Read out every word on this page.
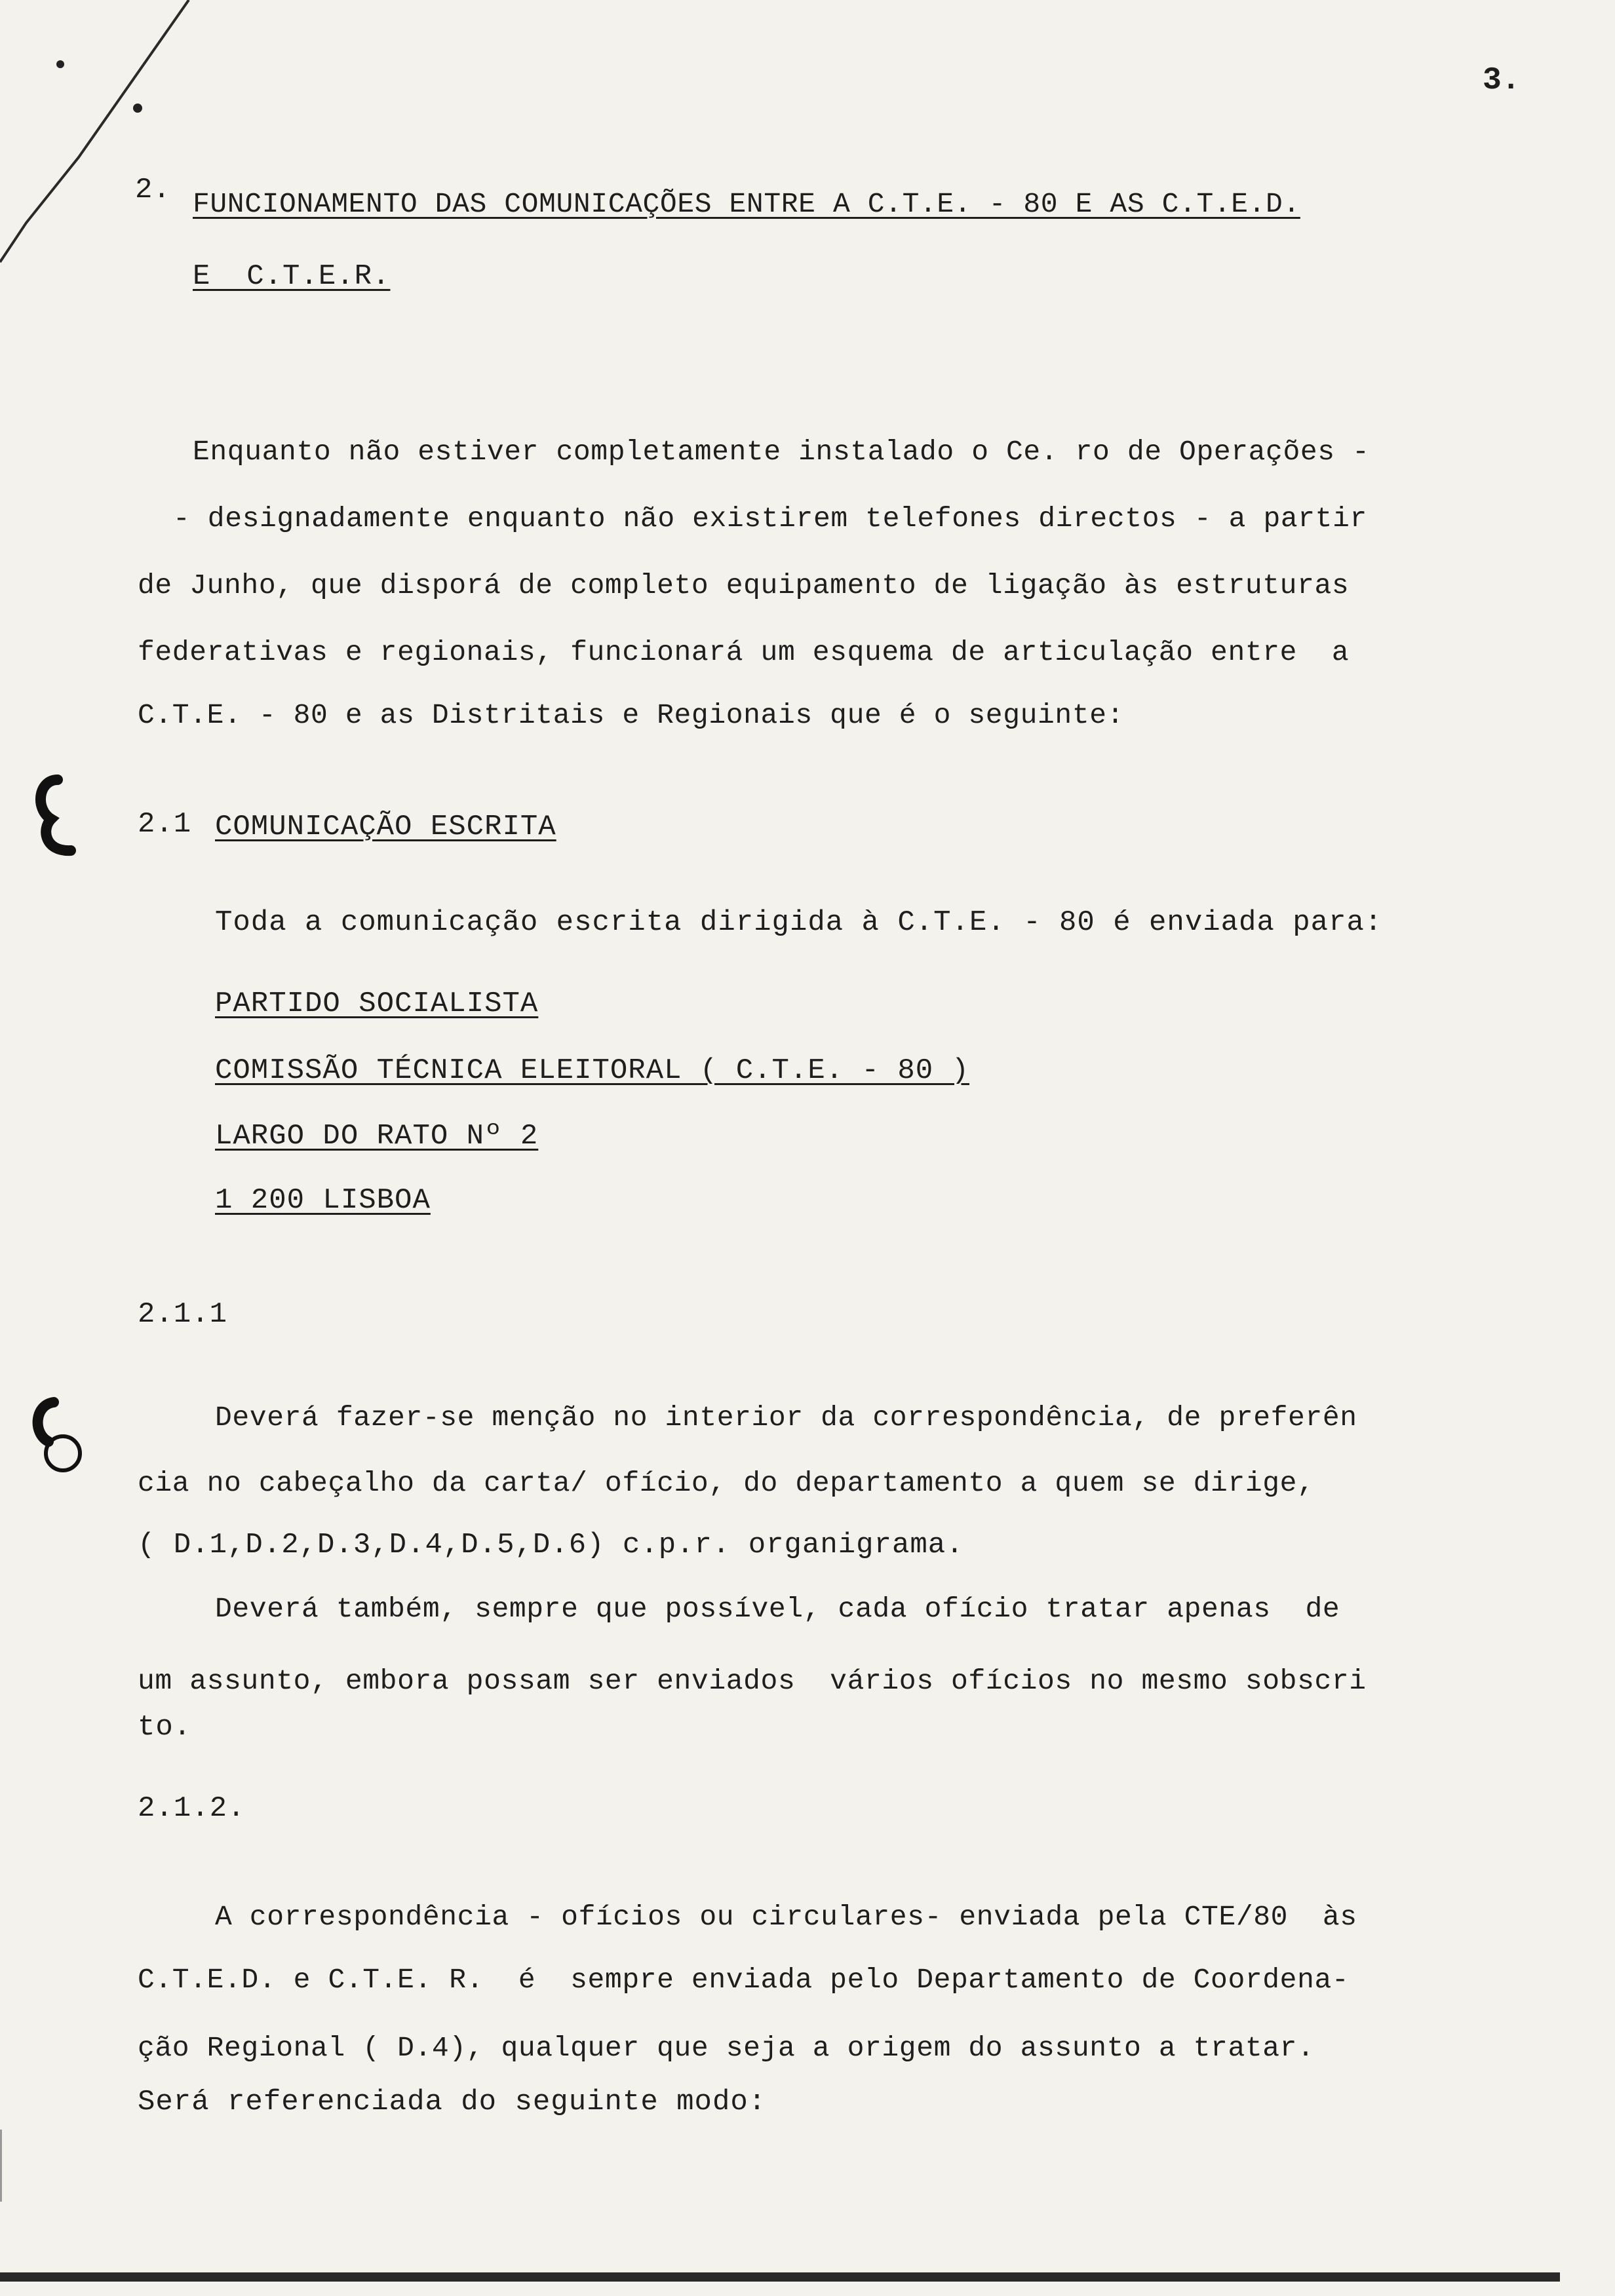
3.
2. FUNCIONAMENTO DAS COMUNICAÇÕES ENTRE A C.T.E. - 80 E AS C.T.E.D.
E  C.T.E.R.
Enquanto não estiver completamente instalado o Ce. ro de Operações -
- designadamente enquanto não existirem telefones directos - a partir
de Junho, que disporá de completo equipamento de ligação às estruturas
federativas e regionais, funcionará um esquema de articulação entre  a
C.T.E. - 80 e as Distritais e Regionais que é o seguinte:
2.1 COMUNICAÇÃO ESCRITA
Toda a comunicação escrita dirigida à C.T.E. - 80 é enviada para:
PARTIDO SOCIALISTA
COMISSÃO TÉCNICA ELEITORAL ( C.T.E. - 80 )
LARGO DO RATO Nº 2
1 200 LISBOA
2.1.1
Deverá fazer-se menção no interior da correspondência, de preferên
cia no cabeçalho da carta/ ofício, do departamento a quem se dirige,
( D.1,D.2,D.3,D.4,D.5,D.6) c.p.r. organigrama.
Deverá também, sempre que possível, cada ofício tratar apenas  de
um assunto, embora possam ser enviados  vários ofícios no mesmo sobscri
to.
2.1.2.
A correspondência - ofícios ou circulares- enviada pela CTE/80  às
C.T.E.D. e C.T.E. R.  é  sempre enviada pelo Departamento de Coordena-
ção Regional ( D.4), qualquer que seja a origem do assunto a tratar.
Será referenciada do seguinte modo:
